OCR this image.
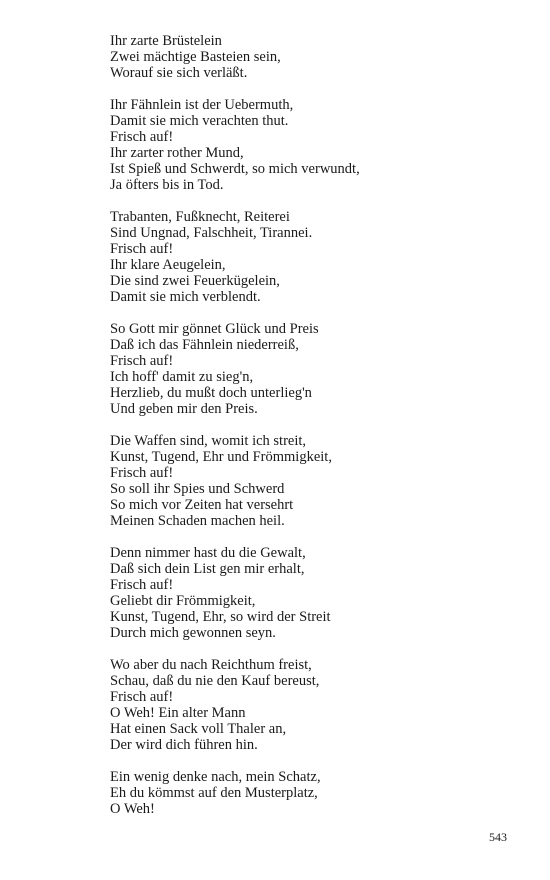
Ihr zarte Brüstelein
Zwei mächtige Basteien sein,
Worauf sie sich verläßt.
Ihr Fähnlein ist der Uebermuth,
Damit sie mich verachten thut.
Frisch auf!
Ihr zarter rother Mund,
Ist Spieß und Schwerdt, so mich verwundt,
Ja öfters bis in Tod.
Trabanten, Fußknecht, Reiterei
Sind Ungnad, Falschheit, Tirannei.
Frisch auf!
Ihr klare Aeugelein,
Die sind zwei Feuerkügelein,
Damit sie mich verblendt.
So Gott mir gönnet Glück und Preis
Daß ich das Fähnlein niederreiß,
Frisch auf!
Ich hoff' damit zu sieg'n,
Herzlieb, du mußt doch unterlieg'n
Und geben mir den Preis.
Die Waffen sind, womit ich streit,
Kunst, Tugend, Ehr und Frömmigkeit,
Frisch auf!
So soll ihr Spies und Schwerd
So mich vor Zeiten hat versehrt
Meinen Schaden machen heil.
Denn nimmer hast du die Gewalt,
Daß sich dein List gen mir erhalt,
Frisch auf!
Geliebt dir Frömmigkeit,
Kunst, Tugend, Ehr, so wird der Streit
Durch mich gewonnen seyn.
Wo aber du nach Reichthum freist,
Schau, daß du nie den Kauf bereust,
Frisch auf!
O Weh! Ein alter Mann
Hat einen Sack voll Thaler an,
Der wird dich führen hin.
Ein wenig denke nach, mein Schatz,
Eh du kömmst auf den Musterplatz,
O Weh!
543
